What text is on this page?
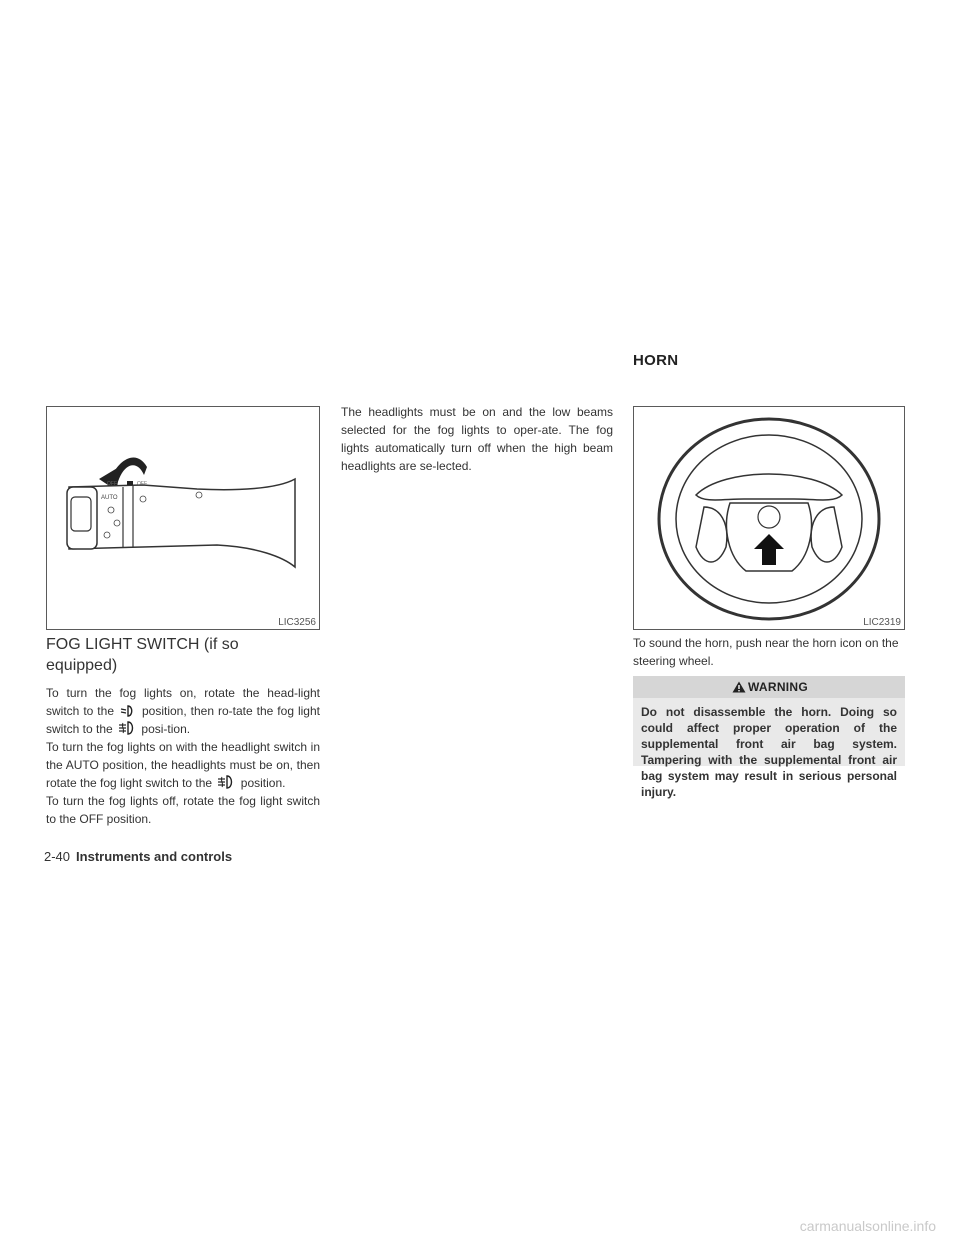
HORN
OFF	OFF
AUTO
LIC3256	LIC2319
FOG LIGHT SWITCH (if so equipped)

To turn the fog lights on, rotate the head-light switch to the position, then ro-tate the fog light switch to the posi-tion.

To turn the fog lights on with the headlight switch in the AUTO position, the headlights must be on, then rotate the fog light switch to the position.

To turn the fog lights off, rotate the fog light switch to the OFF position.

The headlights must be on and the low beams selected for the fog lights to oper-ate. The fog lights automatically turn off when the high beam headlights are se-lected.
To sound the horn, push near the horn icon on the steering wheel.
WARNING
Do not disassemble the horn. Doing so could affect proper operation of the supplemental front air bag system. Tampering with the supplemental front air bag system may result in serious personal injury.
2-40 Instruments and controls
carmanualsonline.info
